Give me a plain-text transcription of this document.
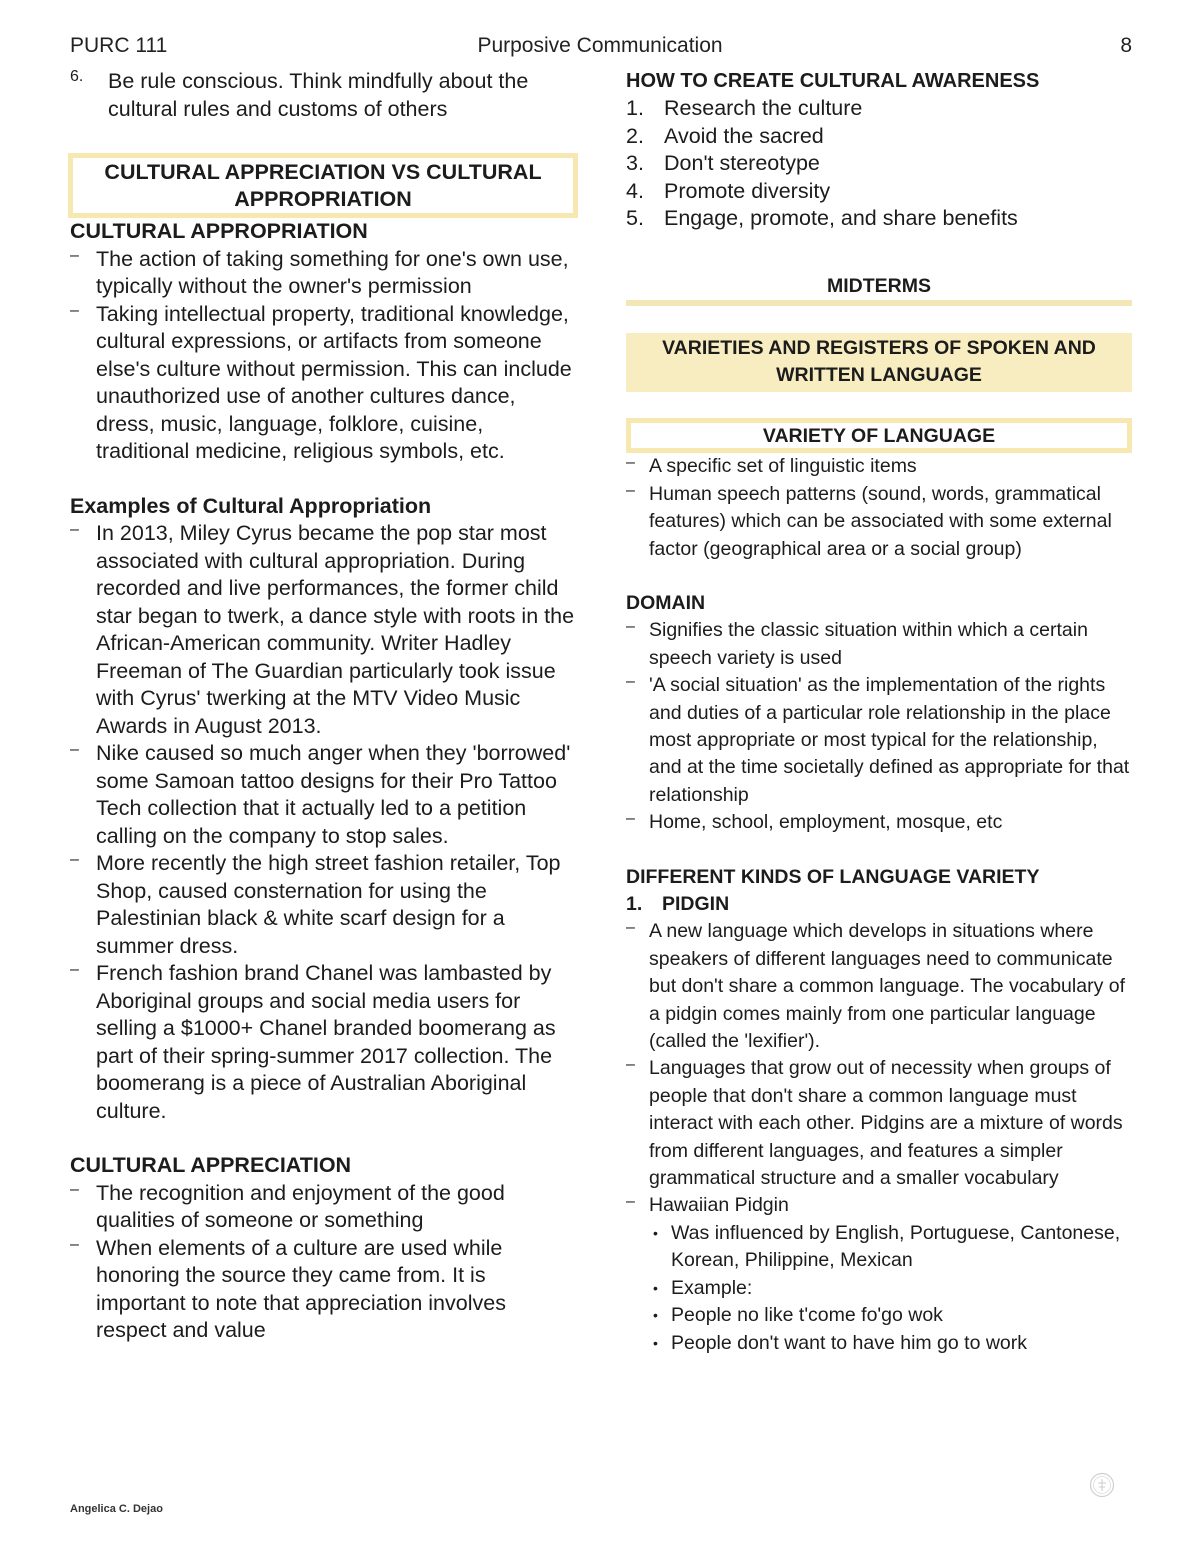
PURC 111	Purposive Communication	8
6.	Be rule conscious. Think mindfully about the cultural rules and customs of others

CULTURAL APPRECIATION VS CULTURAL APPROPRIATION

CULTURAL APPROPRIATION

– The action of taking something for one's own use, typically without the owner's permission
– Taking intellectual property, traditional knowledge, cultural expressions, or artifacts from someone else's culture without permission. This can include unauthorized use of another cultures dance, dress, music, language, folklore, cuisine, traditional medicine, religious symbols, etc.

Examples of Cultural Appropriation

– In 2013, Miley Cyrus became the pop star most associated with cultural appropriation. During recorded and live performances, the former child star began to twerk, a dance style with roots in the African-American community. Writer Hadley Freeman of The Guardian particularly took issue with Cyrus' twerking at the MTV Video Music Awards in August 2013.
– Nike caused so much anger when they 'borrowed' some Samoan tattoo designs for their Pro Tattoo Tech collection that it actually led to a petition calling on the company to stop sales.
– More recently the high street fashion retailer, Top Shop, caused consternation for using the Palestinian black & white scarf design for a summer dress.
– French fashion brand Chanel was lambasted by Aboriginal groups and social media users for selling a $1000+ Chanel branded boomerang as part of their spring-summer 2017 collection. The boomerang is a piece of Australian Aboriginal culture.

CULTURAL APPRECIATION

– The recognition and enjoyment of the good qualities of someone or something
– When elements of a culture are used while honoring the source they came from. It is important to note that appreciation involves respect and value

HOW TO CREATE CULTURAL AWARENESS

1. Research the culture
2. Avoid the sacred
3. Don't stereotype
4. Promote diversity
5. Engage, promote, and share benefits

MIDTERMS

VARIETIES AND REGISTERS OF SPOKEN AND WRITTEN LANGUAGE
VARIETY OF LANGUAGE
– A specific set of linguistic items
– Human speech patterns (sound, words, grammatical features) which can be associated with some external factor (geographical area or a social group)

DOMAIN

– Signifies the classic situation within which a certain speech variety is used
– 'A social situation' as the implementation of the rights and duties of a particular role relationship in the place most appropriate or most typical for the relationship, and at the time societally defined as appropriate for that relationship
– Home, school, employment, mosque, etc

DIFFERENT KINDS OF LANGUAGE VARIETY

1.	PIDGIN

– A new language which develops in situations where speakers of different languages need to communicate but don't share a common language. The vocabulary of a pidgin comes mainly from one particular language (called the 'lexifier').
– Languages that grow out of necessity when groups of people that don't share a common language must interact with each other. Pidgins are a mixture of words from different languages, and features a simpler grammatical structure and a smaller vocabulary
– Hawaiian Pidgin
• Was influenced by English, Portuguese, Cantonese, Korean, Philippine, Mexican
• Example:
• People no like t'come fo'go wok
• People don't want to have him go to work
Angelica C. Dejao
